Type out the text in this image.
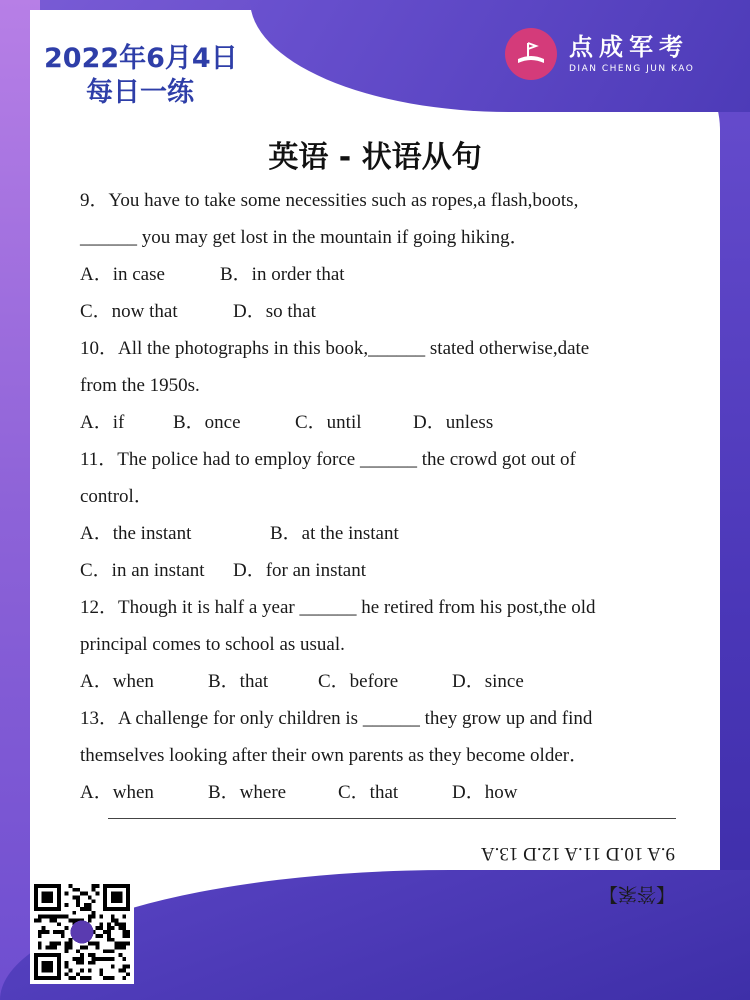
2022年6月4日
每日一练
点成军考
DIAN CHENG JUN KAO
英语 - 状语从句
9．You have to take some necessities such as ropes,a flash,boots,
______ you may get lost in the mountain if going hiking．
A．in case	B．in order that
C．now that	D．so that
10．All the photographs in this book,______ stated otherwise,date
from the 1950s.
A．if	B．once	C．until	D．unless
11．The police had to employ force ______ the crowd got out of
control．
A．the instant	B．at the instant
C．in an instant D．for an instant
12．Though it is half a year ______ he retired from his post,the old
principal comes to school as usual.
A．when	B．that	C．before	D．since
13．A challenge for only children is ______ they grow up and find
themselves looking after their own parents as they become older．
A．when	B．where	C．that	D．how
9.A 10.D 11.A 12.D 13.A
【答案】
